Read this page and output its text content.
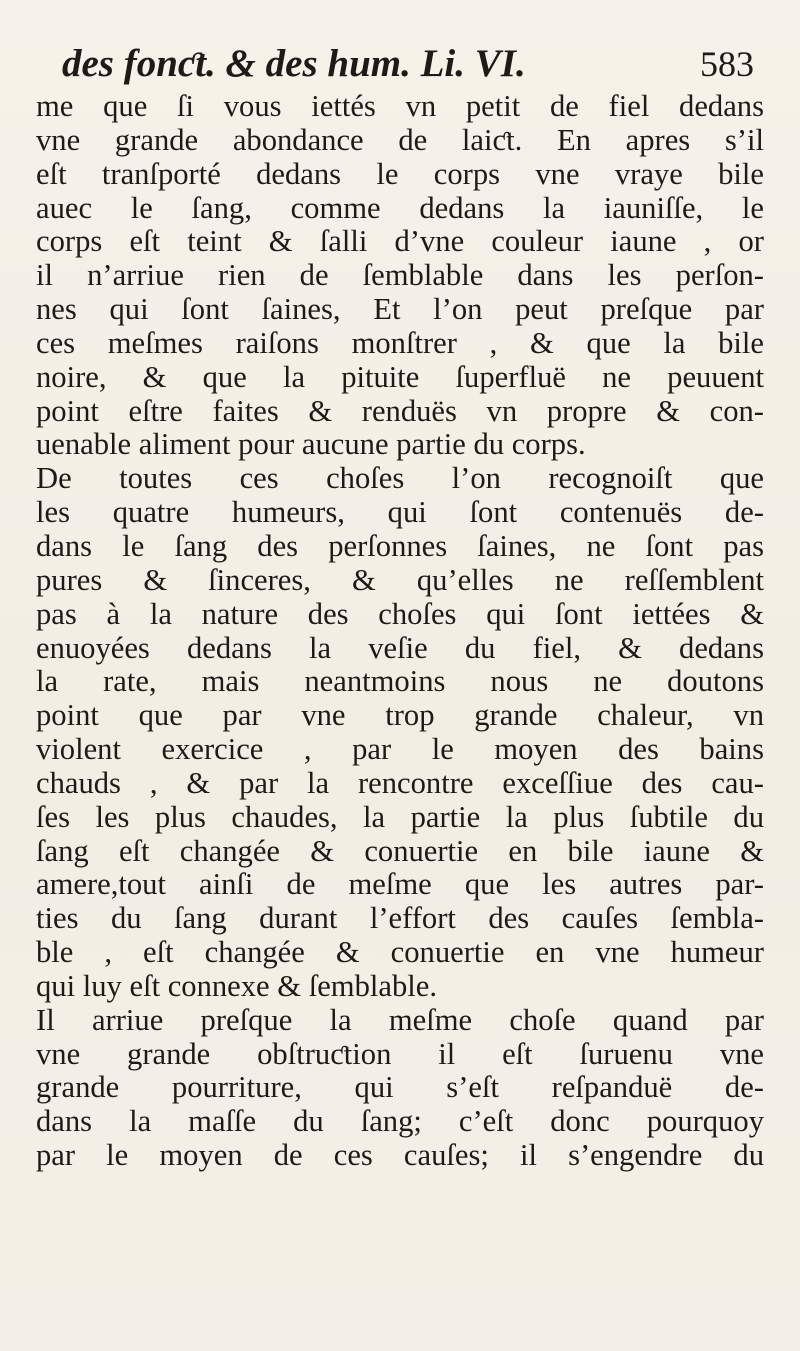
des fonƈt. & des hum. Li. VI.	583
me que ſi vous iettés vn petit de fiel dedans
vne grande abondance de laiƈt. En apres s’il
eſt tranſporté dedans le corps vne vraye bile
auec le ſang, comme dedans la iauniſſe, le
corps eſt teint & ſalli d’vne couleur iaune , or
il n’arriue rien de ſemblable dans les perſon-
nes qui ſont ſaines, Et l’on peut preſque par
ces meſmes raiſons monſtrer , & que la bile
noire, & que la pituite ſuperfluë ne peuuent
point eſtre faites & renduës vn propre & con-
uenable aliment pour aucune partie du corps.
De toutes ces choſes l’on recognoiſt que
les quatre humeurs, qui ſont contenuës de-
dans le ſang des perſonnes ſaines, ne ſont pas
pures & ſinceres, & qu’elles ne reſſemblent
pas à la nature des choſes qui ſont iettées &
enuoyées dedans la veſie du fiel, & dedans
la rate, mais neantmoins nous ne doutons
point que par vne trop grande chaleur, vn
violent exercice , par le moyen des bains
chauds , & par la rencontre exceſſiue des cau-
ſes les plus chaudes, la partie la plus ſubtile du
ſang eſt changée & conuertie en bile iaune &
amere,tout ainſi de meſme que les autres par-
ties du ſang durant l’effort des cauſes ſembla-
ble , eſt changée & conuertie en vne humeur
qui luy eſt connexe & ſemblable.
Il arriue preſque la meſme choſe quand par
vne grande obſtruƈtion il eſt ſuruenu vne
grande pourriture, qui s’eſt reſpanduë de-
dans la maſſe du ſang; c’eſt donc pourquoy
par le moyen de ces cauſes; il s’engendre du
